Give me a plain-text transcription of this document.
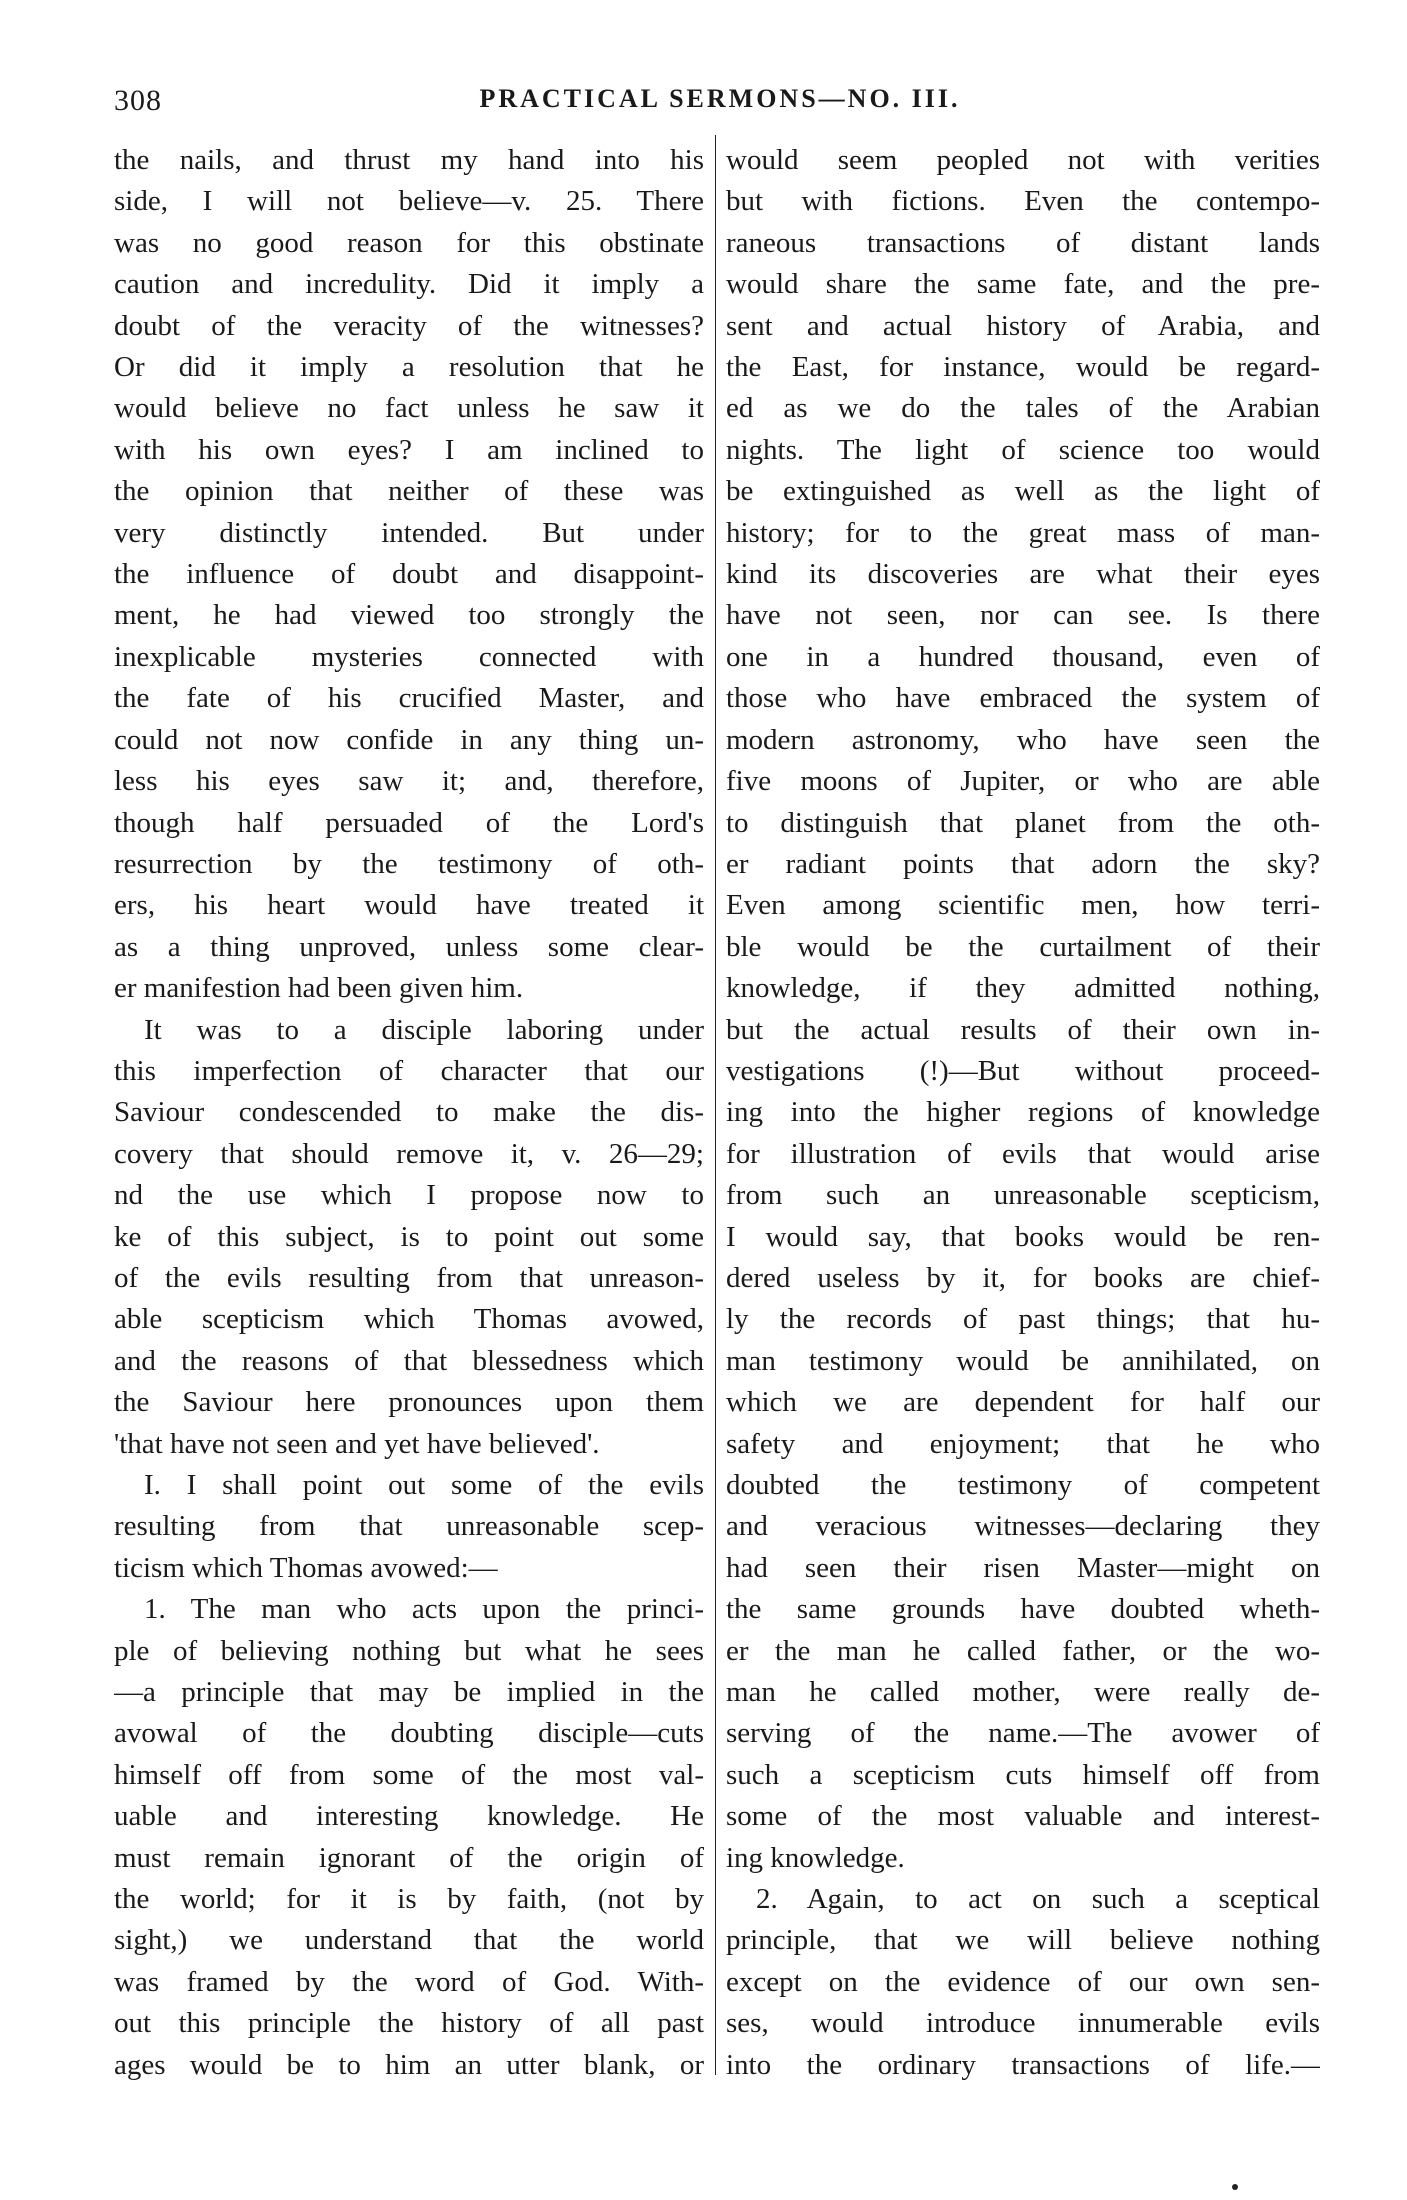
308	PRACTICAL SERMONS—NO. III.
the nails, and thrust my hand into his
side, I will not believe—v. 25. There
was no good reason for this obstinate
caution and incredulity. Did it imply a
doubt of the veracity of the witnesses?
Or did it imply a resolution that he
would believe no fact unless he saw it
with his own eyes? I am inclined to
the opinion that neither of these was
very distinctly intended. But under
the influence of doubt and disappoint-
ment, he had viewed too strongly the
inexplicable mysteries connected with
the fate of his crucified Master, and
could not now confide in any thing un-
less his eyes saw it; and, therefore,
though half persuaded of the Lord's
resurrection by the testimony of oth-
ers, his heart would have treated it
as a thing unproved, unless some clear-
er manifestion had been given him.
It was to a disciple laboring under
this imperfection of character that our
Saviour condescended to make the dis-
covery that should remove it, v. 26—29;
nd the use which I propose now to
ke of this subject, is to point out some
of the evils resulting from that unreason-
able scepticism which Thomas avowed,
and the reasons of that blessedness which
the Saviour here pronounces upon them
'that have not seen and yet have believed'.
I. I shall point out some of the evils
resulting from that unreasonable scep-
ticism which Thomas avowed:—
1. The man who acts upon the princi-
ple of believing nothing but what he sees
—a principle that may be implied in the
avowal of the doubting disciple—cuts
himself off from some of the most val-
uable and interesting knowledge. He
must remain ignorant of the origin of
the world; for it is by faith, (not by
sight,) we understand that the world
was framed by the word of God. With-
out this principle the history of all past
ages would be to him an utter blank, or
would seem peopled not with verities
but with fictions. Even the contempo-
raneous transactions of distant lands
would share the same fate, and the pre-
sent and actual history of Arabia, and
the East, for instance, would be regard-
ed as we do the tales of the Arabian
nights. The light of science too would
be extinguished as well as the light of
history; for to the great mass of man-
kind its discoveries are what their eyes
have not seen, nor can see. Is there
one in a hundred thousand, even of
those who have embraced the system of
modern astronomy, who have seen the
five moons of Jupiter, or who are able
to distinguish that planet from the oth-
er radiant points that adorn the sky?
Even among scientific men, how terri-
ble would be the curtailment of their
knowledge, if they admitted nothing,
but the actual results of their own in-
vestigations (!)—But without proceed-
ing into the higher regions of knowledge
for illustration of evils that would arise
from such an unreasonable scepticism,
I would say, that books would be ren-
dered useless by it, for books are chief-
ly the records of past things; that hu-
man testimony would be annihilated, on
which we are dependent for half our
safety and enjoyment; that he who
doubted the testimony of competent
and veracious witnesses—declaring they
had seen their risen Master—might on
the same grounds have doubted wheth-
er the man he called father, or the wo-
man he called mother, were really de-
serving of the name.—The avower of
such a scepticism cuts himself off from
some of the most valuable and interest-
ing knowledge.
2. Again, to act on such a sceptical
principle, that we will believe nothing
except on the evidence of our own sen-
ses, would introduce innumerable evils
into the ordinary transactions of life.—
